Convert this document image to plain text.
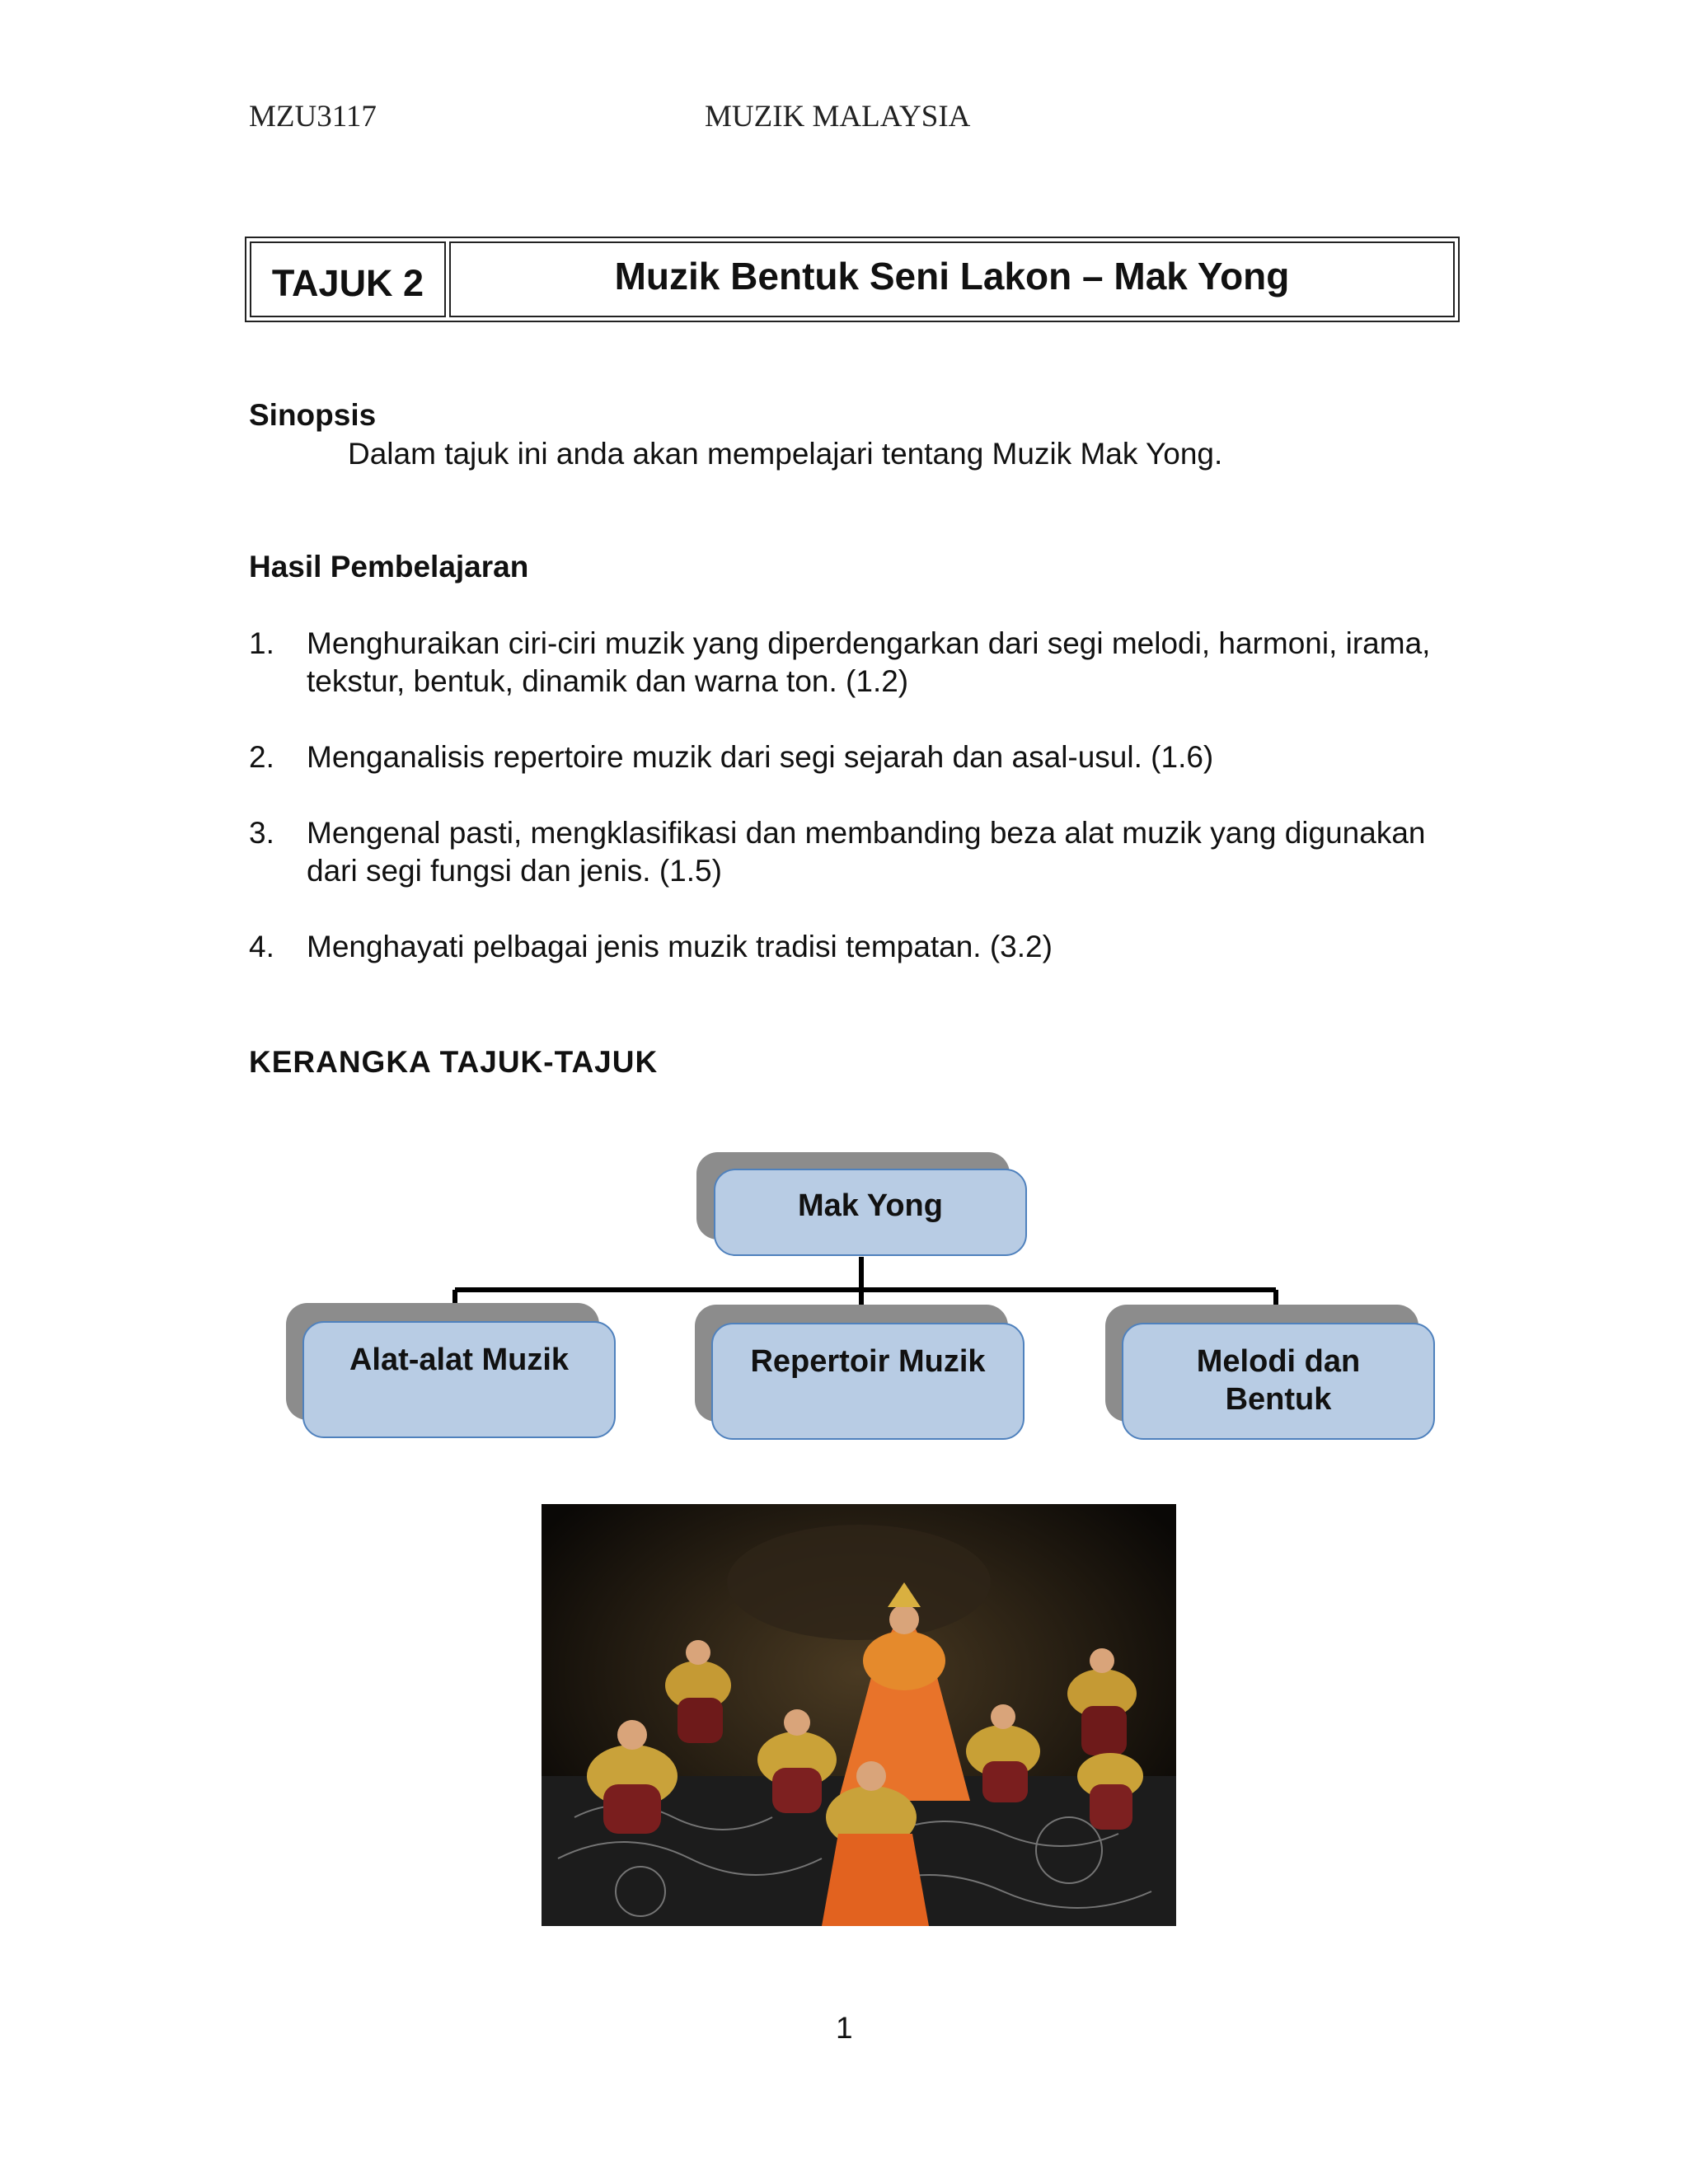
MZU3117	MUZIK MALAYSIA
TAJUK 2	Muzik Bentuk Seni Lakon – Mak Yong
Sinopsis
Dalam tajuk ini anda akan mempelajari tentang Muzik Mak Yong.
Hasil Pembelajaran
1. Menghuraikan ciri-ciri muzik yang diperdengarkan dari segi melodi, harmoni, irama, tekstur, bentuk, dinamik dan warna ton. (1.2)
2. Menganalisis repertoire muzik dari segi sejarah dan asal-usul. (1.6)
3. Mengenal pasti, mengklasifikasi dan membanding beza alat muzik yang digunakan dari segi fungsi dan jenis. (1.5)
4. Menghayati pelbagai jenis muzik tradisi tempatan. (3.2)
KERANGKA TAJUK-TAJUK
Mak Yong
Alat-alat Muzik	Repertoir Muzik	Melodi dan Bentuk
1
